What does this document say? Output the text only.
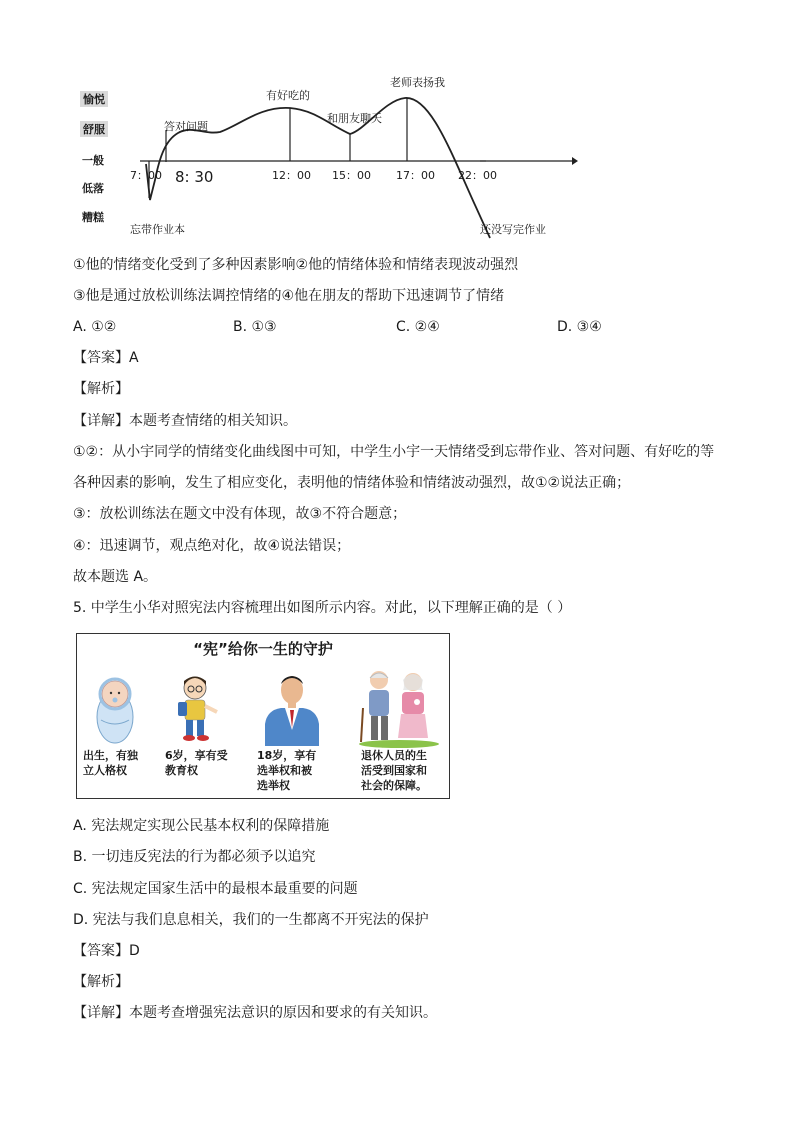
愉悦
舒服
一般
低落
糟糕
7：00 8: 30	12：00 15：00 17：00 22：00
答对问题
有好吃的
和朋友聊天
老师表扬我
忘带作业本	还没写完作业
①他的情绪变化受到了多种因素影响②他的情绪体验和情绪表现波动强烈
③他是通过放松训练法调控情绪的④他在朋友的帮助下迅速调节了情绪
A. ①②	B. ①③	C. ②④	D. ③④
【答案】A
【解析】
【详解】本题考查情绪的相关知识。
①②：从小宇同学的情绪变化曲线图中可知，中学生小宇一天情绪受到忘带作业、答对问题、有好吃的等
各种因素的影响，发生了相应变化，表明他的情绪体验和情绪波动强烈，故①②说法正确；
③：放松训练法在题文中没有体现，故③不符合题意；
④：迅速调节，观点绝对化，故④说法错误；
故本题选 A。
5. 中学生小华对照宪法内容梳理出如图所示内容。对此，以下理解正确的是（ ）
“宪”给你一生的守护
出生，有独
立人格权
6岁，享有受
教育权
18岁，享有
选举权和被
选举权
退休人员的生
活受到国家和
社会的保障。
A. 宪法规定实现公民基本权利的保障措施
B. 一切违反宪法的行为都必须予以追究
C. 宪法规定国家生活中的最根本最重要的问题
D. 宪法与我们息息相关，我们的一生都离不开宪法的保护
【答案】D
【解析】
【详解】本题考查增强宪法意识的原因和要求的有关知识。
